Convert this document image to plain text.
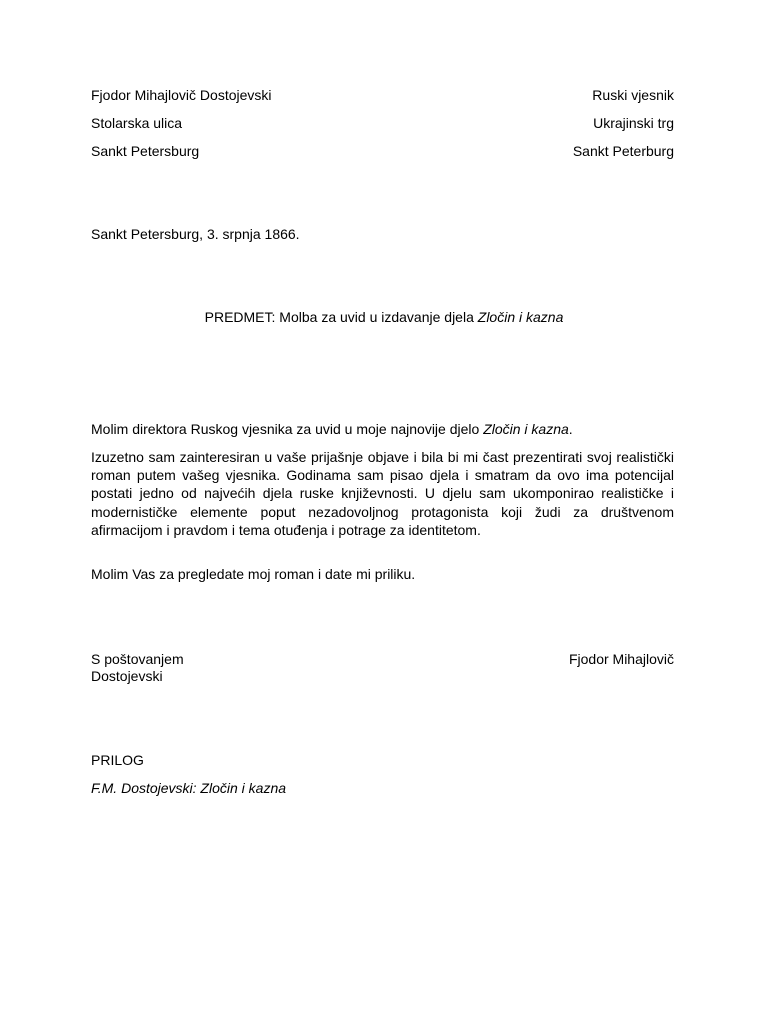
Fjodor Mihajlovič Dostojevski
Stolarska ulica
Sankt Petersburg
Ruski vjesnik
Ukrajinski trg
Sankt Peterburg
Sankt Petersburg, 3. srpnja 1866.
PREDMET: Molba za uvid u izdavanje djela Zločin i kazna
Molim direktora Ruskog vjesnika za uvid u moje najnovije djelo Zločin i kazna.
Izuzetno sam zainteresiran u vaše prijašnje objave i bila bi mi čast prezentirati svoj realistički roman putem vašeg vjesnika. Godinama sam pisao djela i smatram da ovo ima potencijal postati jedno od najvećih djela ruske književnosti. U djelu sam ukomponirao realističke i modernističke elemente poput nezadovoljnog protagonista koji žudi za društvenom afirmacijom i pravdom i tema otuđenja i potrage za identitetom.
Molim Vas za pregledate moj roman i date mi priliku.
S poštovanjem	Fjodor Mihajlovič
Dostojevski
PRILOG
F.M. Dostojevski: Zločin i kazna
